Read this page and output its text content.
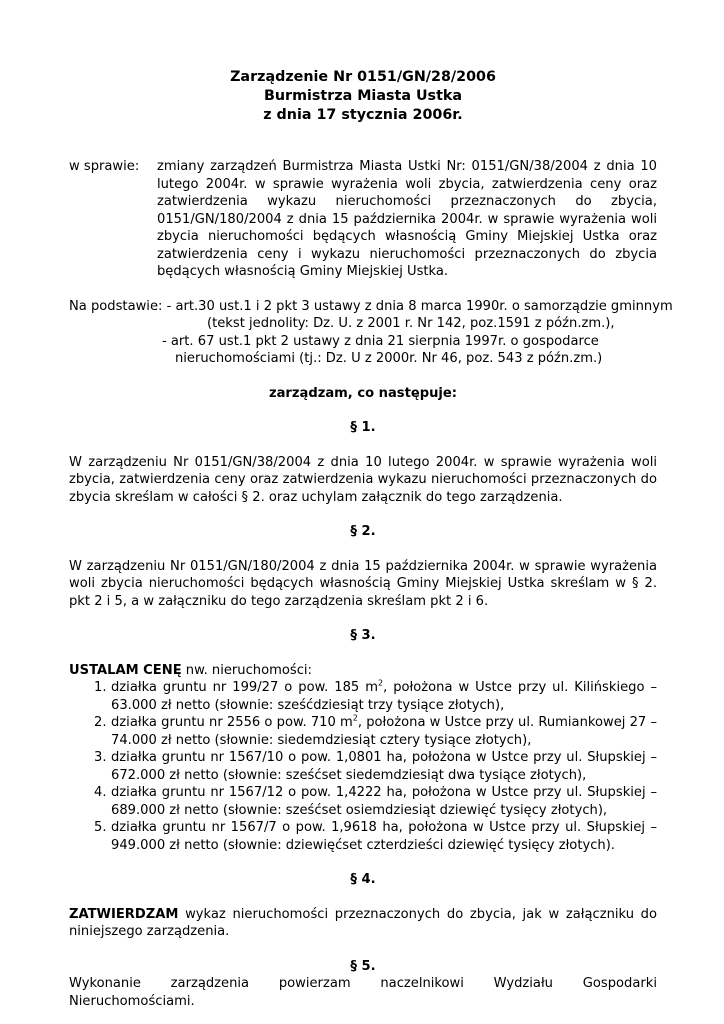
Zarządzenie Nr 0151/GN/28/2006
Burmistrza Miasta Ustka
z dnia 17 stycznia 2006r.
w sprawie:	zmiany zarządzeń Burmistrza Miasta Ustki Nr: 0151/GN/38/2004 z dnia 10 lutego 2004r. w sprawie wyrażenia woli zbycia, zatwierdzenia ceny oraz zatwierdzenia wykazu nieruchomości przeznaczonych do zbycia, 0151/GN/180/2004 z dnia 15 października 2004r. w sprawie wyrażenia woli zbycia nieruchomości będących własnością Gminy Miejskiej Ustka oraz zatwierdzenia ceny i wykazu nieruchomości przeznaczonych do zbycia będących własnością Gminy Miejskiej Ustka.
Na podstawie: - art.30 ust.1 i 2 pkt 3 ustawy z dnia 8 marca 1990r. o samorządzie gminnym
(tekst jednolity: Dz. U. z 2001 r. Nr 142, poz.1591 z późn.zm.),
- art. 67 ust.1 pkt 2 ustawy z dnia 21 sierpnia 1997r. o gospodarce
nieruchomościami (tj.: Dz. U z 2000r. Nr 46, poz. 543 z późn.zm.)
zarządzam, co następuje:
§ 1.
W zarządzeniu Nr 0151/GN/38/2004 z dnia 10 lutego 2004r. w sprawie wyrażenia woli zbycia, zatwierdzenia ceny oraz zatwierdzenia wykazu nieruchomości przeznaczonych do zbycia skreślam w całości § 2. oraz uchylam załącznik do tego zarządzenia.
§ 2.
W zarządzeniu Nr 0151/GN/180/2004 z dnia 15 października 2004r. w sprawie wyrażenia woli zbycia nieruchomości będących własnością Gminy Miejskiej Ustka skreślam w § 2. pkt 2 i 5, a w załączniku do tego zarządzenia skreślam pkt 2 i 6.
§ 3.
USTALAM CENĘ nw. nieruchomości:
1. działka gruntu nr 199/27 o pow. 185 $m^2$, położona w Ustce przy ul. Kilińskiego – 63.000 zł netto (słownie: sześćdziesiąt trzy tysiące złotych),
2. działka gruntu nr 2556 o pow. 710 $m^2$, położona w Ustce przy ul. Rumiankowej 27 – 74.000 zł netto (słownie: siedemdziesiąt cztery tysiące złotych),
3. działka gruntu nr 1567/10 o pow. 1,0801 ha, położona w Ustce przy ul. Słupskiej – 672.000 zł netto (słownie: sześćset siedemdziesiąt dwa tysiące złotych),
4. działka gruntu nr 1567/12 o pow. 1,4222 ha, położona w Ustce przy ul. Słupskiej – 689.000 zł netto (słownie: sześćset osiemdziesiąt dziewięć tysięcy złotych),
5. działka gruntu nr 1567/7 o pow. 1,9618 ha, położona w Ustce przy ul. Słupskiej – 949.000 zł netto (słownie: dziewięćset czterdzieści dziewięć tysięcy złotych).
§ 4.
ZATWIERDZAM wykaz nieruchomości przeznaczonych do zbycia, jak w załączniku do niniejszego zarządzenia.
§ 5.
Wykonanie zarządzenia powierzam naczelnikowi Wydziału Gospodarki Nieruchomościami.
